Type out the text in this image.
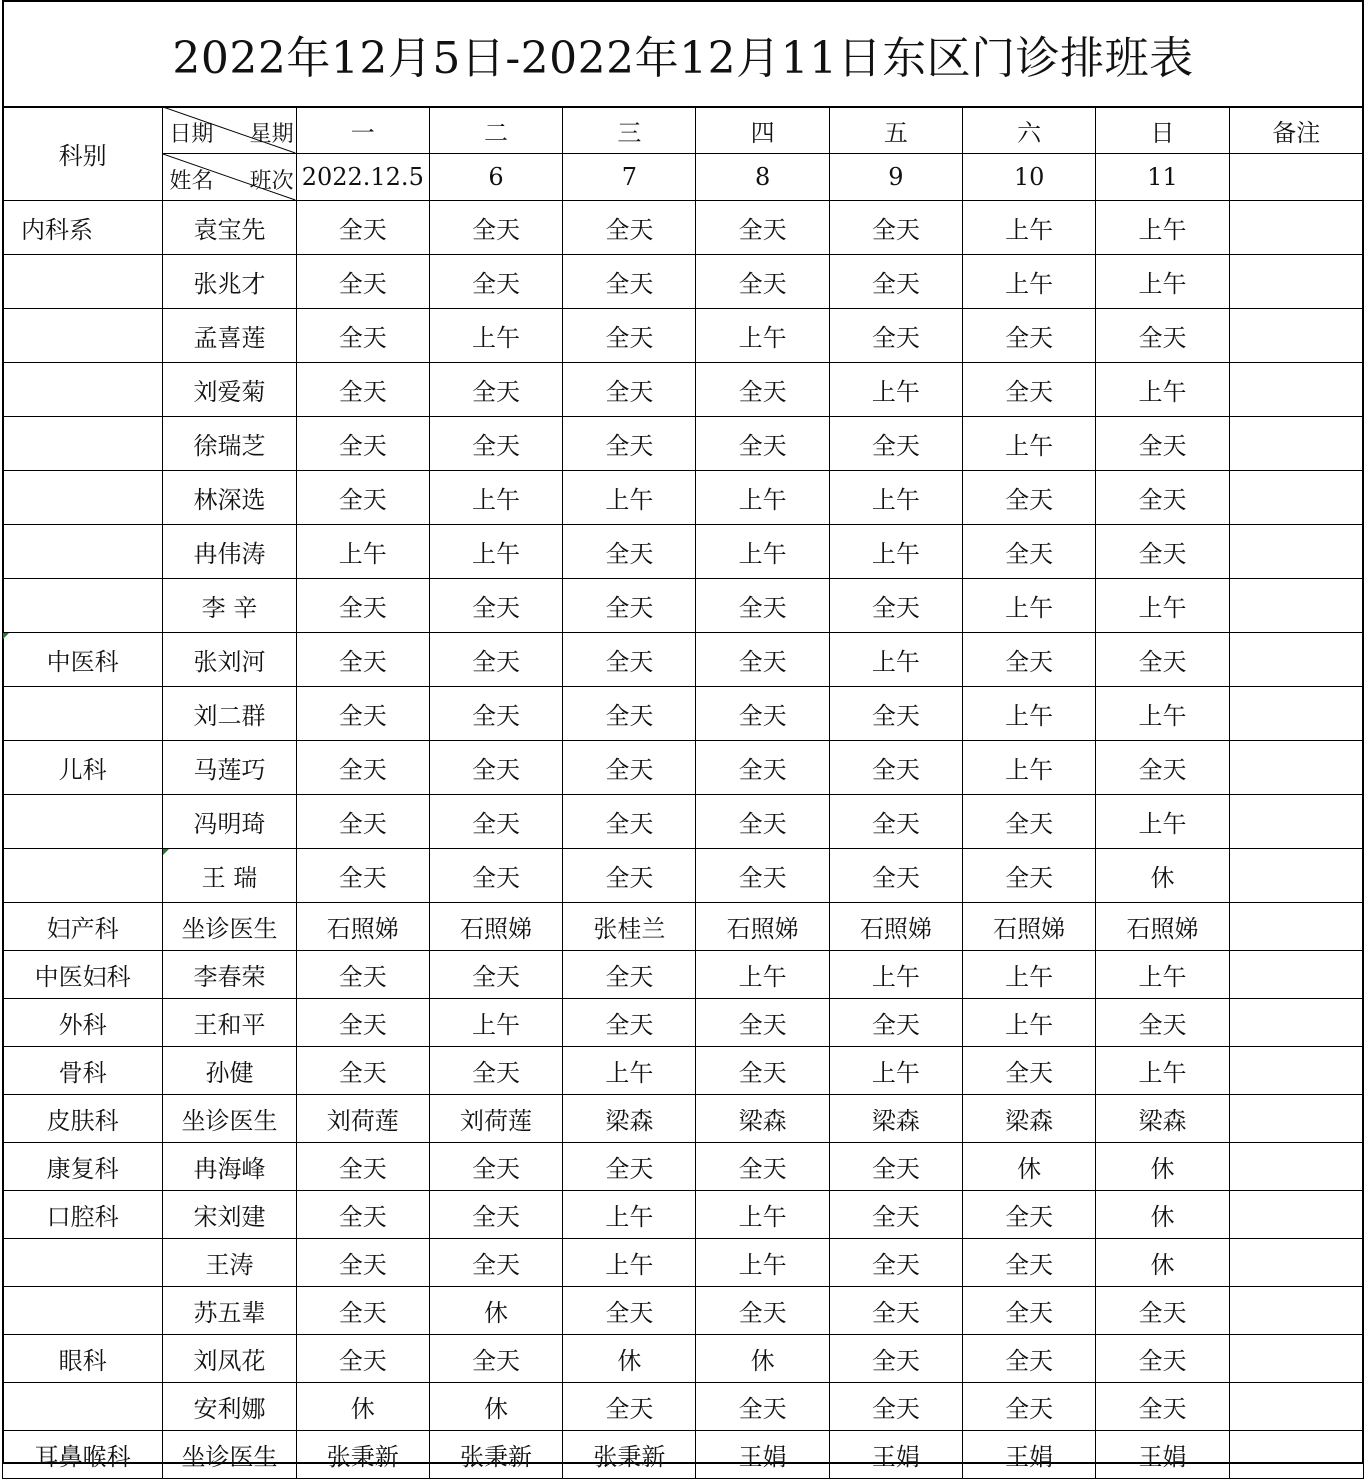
2022年12月5日-2022年12月11日东区门诊排班表
科别	日期 星期	一	二	三	四	五	六	日	备注

	姓名 班次	2022.12.5	6	7	8	9	10	11	
内科系	袁宝先	全天	全天	全天	全天	全天	上午	上午	
	张兆才	全天	全天	全天	全天	全天	上午	上午	
	孟喜莲	全天	上午	全天	上午	全天	全天	全天	
	刘爱菊	全天	全天	全天	全天	上午	全天	上午	
	徐瑞芝	全天	全天	全天	全天	全天	上午	全天	
	林深选	全天	上午	上午	上午	上午	全天	全天	
	冉伟涛	上午	上午	全天	上午	上午	全天	全天	
	李 辛	全天	全天	全天	全天	全天	上午	上午	
中医科	张刘河	全天	全天	全天	全天	上午	全天	全天	
	刘二群	全天	全天	全天	全天	全天	上午	上午	
儿科	马莲巧	全天	全天	全天	全天	全天	上午	全天	
	冯明琦	全天	全天	全天	全天	全天	全天	上午	
	王 瑞	全天	全天	全天	全天	全天	全天	休	
妇产科	坐诊医生	石照娣	石照娣	张桂兰	石照娣	石照娣	石照娣	石照娣	
中医妇科	李春荣	全天	全天	全天	上午	上午	上午	上午	
外科	王和平	全天	上午	全天	全天	全天	上午	全天	
骨科	孙健	全天	全天	上午	全天	上午	全天	上午	
皮肤科	坐诊医生	刘荷莲	刘荷莲	梁森	梁森	梁森	梁森	梁森	
康复科	冉海峰	全天	全天	全天	全天	全天	休	休	
口腔科	宋刘建	全天	全天	上午	上午	全天	全天	休	
	王涛	全天	全天	上午	上午	全天	全天	休	
	苏五辈	全天	休	全天	全天	全天	全天	全天	
眼科	刘凤花	全天	全天	休	休	全天	全天	全天	
	安利娜	休	休	全天	全天	全天	全天	全天	
耳鼻喉科	坐诊医生	张秉新	张秉新	张秉新	王娟	王娟	王娟	王娟	
